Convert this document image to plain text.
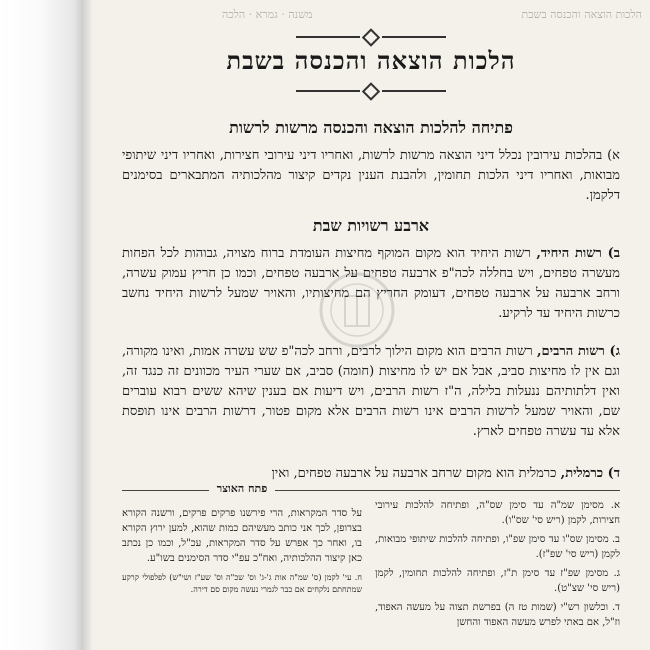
הלכות הוצאה והכנסה בשבת
משנה · גמרא · הלכה
הלכות הוצאה והכנסה בשבת
פתיחה להלכות הוצאה והכנסה מרשות לרשות
א) בהלכות עירובין נכלל דיני הוצאה מרשות לרשות, ואחריו דיני עירובי חצירות, ואחריו דיני שיתופי מבואות, ואחריו דיני הלכות תחומין, ולהבנת הענין נקדים קיצור מהלכותיה המתבארים בסימנים דלקמן.
ארבע רשויות שבת
ב) רשות היחיד, רשות היחיד הוא מקום המוקף מחיצות העומדת ברוח מצויה, גבוהות לכל הפחות מעשרה טפחים, ויש בחללה לכה"פ ארבעה טפחים על ארבעה טפחים, וכמו כן חריץ עמוק עשרה, ורחב ארבעה על ארבעה טפחים, דעומק החריץ הם מחיצותיו, והאויר שמעל לרשות היחיד נחשב כרשות היחיד עד לרקיע.
ג) רשות הרבים, רשות הרבים הוא מקום הילוך לרבים, ורחב לכה"פ שש עשרה אמות, ואינו מקורה, וגם אין לו מחיצות סביב, אבל אם יש לו מחיצות (חומה) סביב, אם שערי העיר מכוונים זה כנגד זה, ואין דלתותיהם ננעלות בלילה, ה"ז רשות הרבים, ויש דיעות אם בענין שיהא ששים רבוא עוברים שם, והאויר שמעל לרשות הרבים אינו רשות הרבים אלא מקום פטור, דרשות הרבים אינו תופסת אלא עד עשרה טפחים לארץ.
ד) כרמלית, כרמלית הוא מקום שרחב ארבעה על ארבעה טפחים, ואין
פתח האוצר
על סדר המקראות, הרי פירשנו פרקים פרקים, ורשנה הקורא בצרופן, לכך אני כותב מעשיהם כמות שהוא, למען ירוץ הקורא בו, ואחר כך אפרש על סדר המקראות, עכ"ל, וכמו כן נכתב כאן קיצור ההלכותיה, ואח"כ עפ"י סדר הסימנים בשו"ע.
ח. עי' לקמן (ס' שמ"ה אות ג'-ג' וס' שכ"ה וס' שע"ז ושי"ש) לפלפולי קרקע שמתחתם נלקחים אם כבר לגמרי נעשה מקום סם דירה.
א. מסימן שמ"ה עד סימן שס"ה, ופתיחה להלכות עירובי חצירות, לקמן (ריש סי' שס"ו).
ב. מסימן שס"ו עד סימן שפ"ו, ופתיחה להלכות שיתופי מבואות, לקמן (ריש סי' שפ"ז).
ג. מסימן שפ"ז עד סימן ת"ז, ופתיחה להלכות תחומין, לקמן (ריש סי' שצ"ט).
ד. וכלשון רש"י (שמות טז ה) בפרשת תצוה על מעשה האפוד, וז"ל, אם באתי לפרש מעשה האפוד והחשן
